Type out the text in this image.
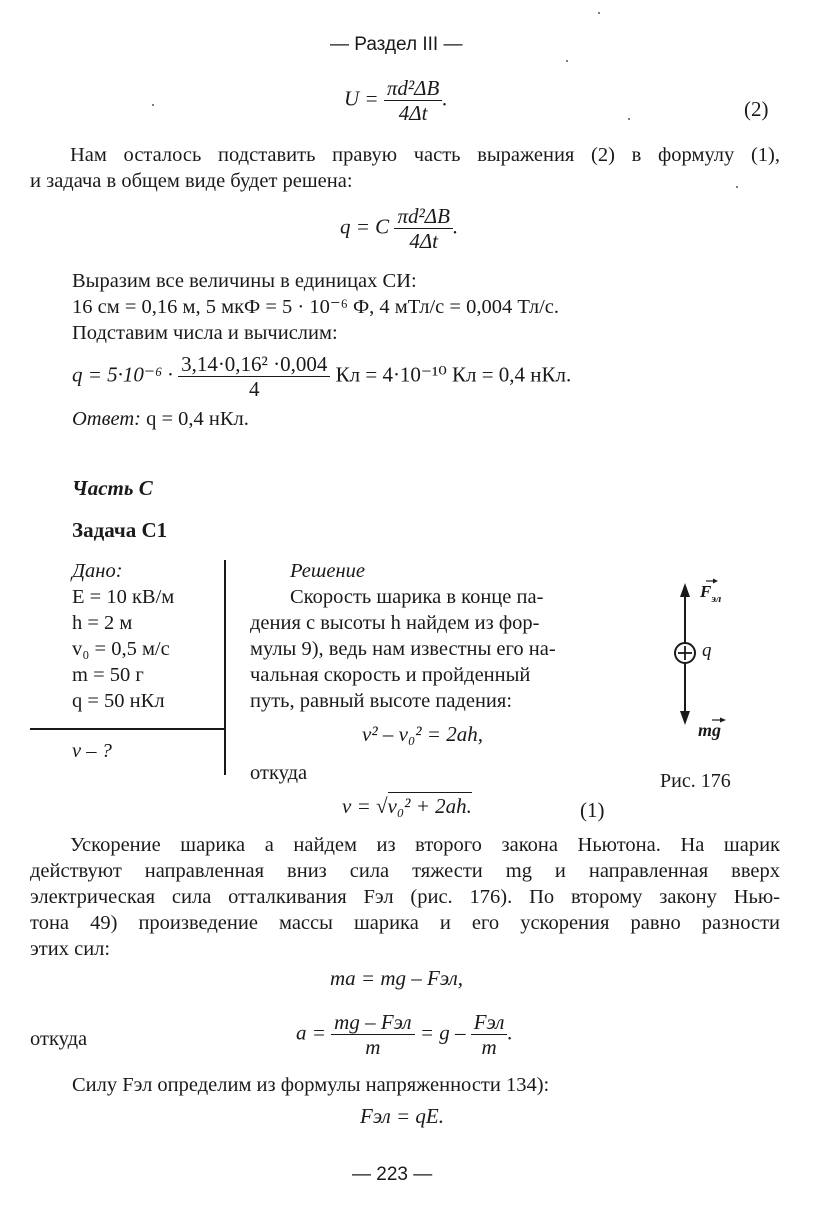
— Раздел III —
$U = \frac{\text{πd²ΔB}}{4\Delta t}$ .	(2)
Нам осталось подставить правую часть выражения (2) в формулу (1),
и задача в общем виде будет решена:
q = C $\frac{\text{πd²ΔB}}{4\Delta t}$ .
Выразим все величины в единицах СИ:
16 см = 0,16 м, 5 мкФ = 5 · 10⁻⁶ Ф, 4 мТл/с = 0,004 Тл/с.
Подставим числа и вычислим:
$q = 5\cdot 10^{-6} \cdot \frac{\text{3,14·0,16² ·0,004}}{4}$ Кл = 4·10⁻¹⁰ Кл = 0,4 нКл.
Ответ: q = 0,4 нКл.
Часть С
Задача С1
Дано:
E = 10 кВ/м
h = 2 м
v₀ = 0,5 м/с
m = 50 г
q = 50 нКл
v – ?
Решение
Скорость шарика в конце па-
дения с высоты h найдем из фор-
мулы 9), ведь нам известны его на-
чальная скорость и пройденный
путь, равный высоте падения:
v² – v₀² = 2ah,
откуда
v = √v₀² + 2ah.	(1)
$F_{эл}$
q
mg
Рис. 176
Ускорение шарика a найдем из второго закона Ньютона. На шарик
действуют направленная вниз сила тяжести mg и направленная вверх
электрическая сила отталкивания Fэл (рис. 176). По второму закону Нью-
тона 49) произведение массы шарика и его ускорения равно разности
этих сил:
ma = mg – Fэл,
откуда	$a = \frac{\text{mg – Fэл}}{m} = g - \frac{\text{Fэл}}{m}$ .
Силу Fэл определим из формулы напряженности 134):
Fэл = qE.
— 223 —
